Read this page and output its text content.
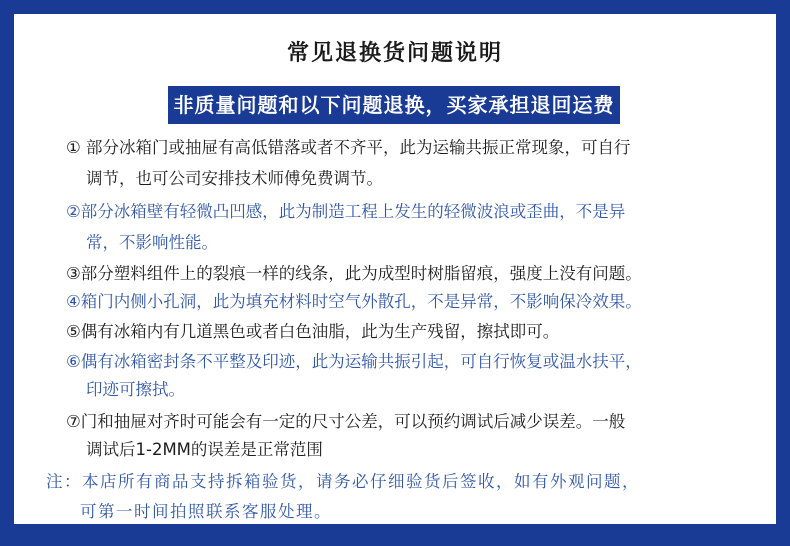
常见退换货问题说明
非质量问题和以下问题退换，买家承担退回运费
① 部分冰箱门或抽屉有高低错落或者不齐平，此为运输共振正常现象，可自行
调节，也可公司安排技术师傅免费调节。
②部分冰箱壁有轻微凸凹感，此为制造工程上发生的轻微波浪或歪曲，不是异
常，不影响性能。
③部分塑料组件上的裂痕一样的线条，此为成型时树脂留痕，强度上没有问题。
④箱门内侧小孔洞，此为填充材料时空气外散孔，不是异常，不影响保冷效果。
⑤偶有冰箱内有几道黑色或者白色油脂，此为生产残留，擦拭即可。
⑥偶有冰箱密封条不平整及印迹，此为运输共振引起，可自行恢复或温水扶平，
印迹可擦拭。
⑦门和抽屉对齐时可能会有一定的尺寸公差，可以预约调试后减少误差。一般
调试后1-2MM的误差是正常范围
注：本店所有商品支持拆箱验货，请务必仔细验货后签收，如有外观问题，
可第一时间拍照联系客服处理。
